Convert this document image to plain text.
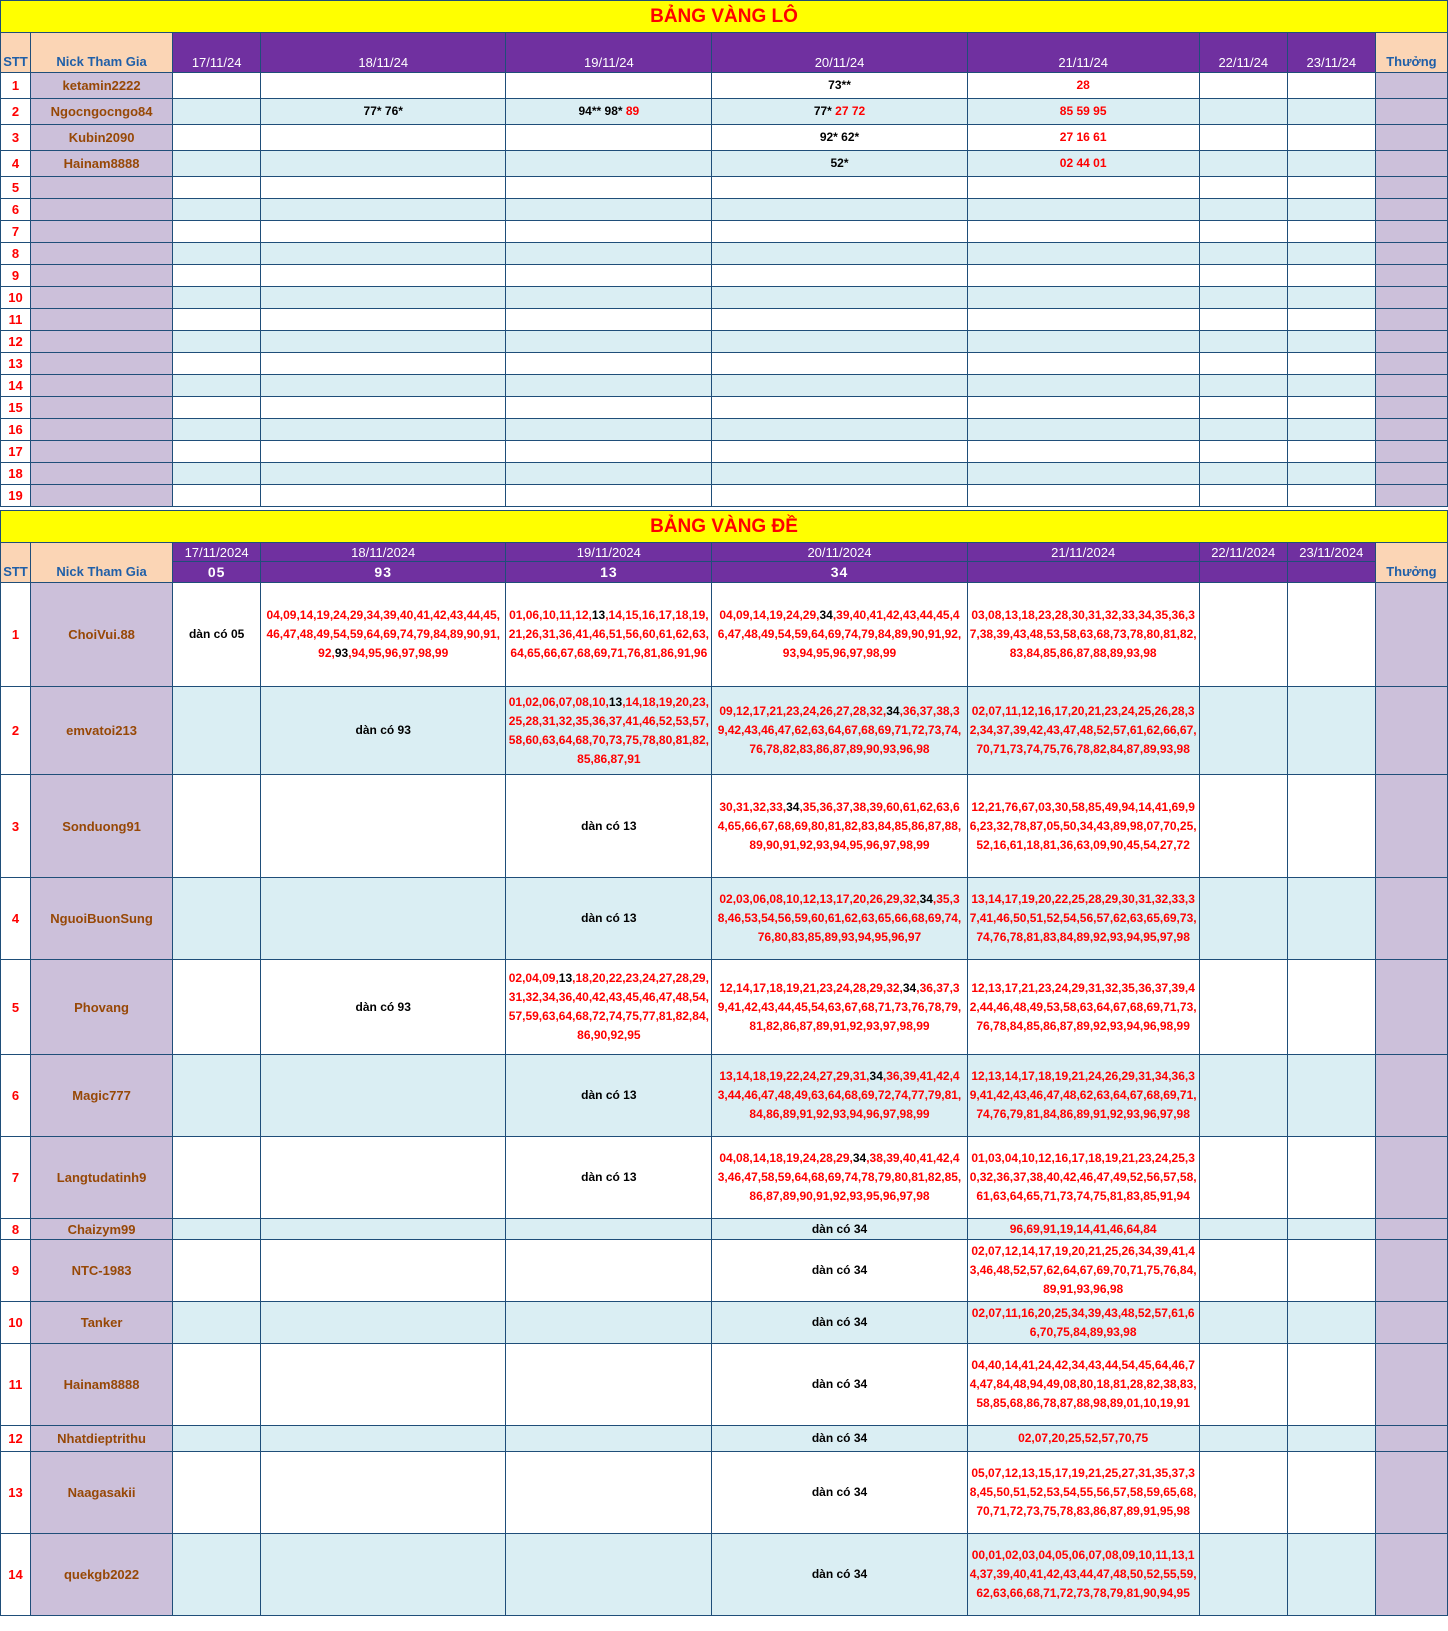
BẢNG VÀNG LÔ									
STT	Nick Tham Gia	17/11/24	18/11/24	19/11/24	20/11/24	21/11/24	22/11/24	23/11/24	Thưởng
1	ketamin2222				73**	28			
2	Ngocngocngo84		77* 76*	94** 98* 89	77* 27 72	85 59 95			
3	Kubin2090				92* 62*	27 16 61			
4	Hainam8888				52*	02 44 01			
5									
6									
7									
8									
9									
10									
11									
12									
13									
14									
15									
16									
17									
18									
19									
BẢNG VÀNG ĐỀ									
STT	Nick Tham Gia	17/11/2024	18/11/2024	19/11/2024	20/11/2024	21/11/2024	22/11/2024	23/11/2024	Thưởng
		05	93	13	34				
1	ChoiVui.88	dàn có 05	04,09,14,19,24,29,34,39,40,41,42,43,44,45,46,47,48,49,54,59,64,69,74,79,84,89,90,91,92,93,94,95,96,97,98,99	01,06,10,11,12,13,14,15,16,17,18,19,21,26,31,36,41,46,51,56,60,61,62,63,64,65,66,67,68,69,71,76,81,86,91,96	04,09,14,19,24,29,34,39,40,41,42,43,44,45,46,47,48,49,54,59,64,69,74,79,84,89,90,91,92,93,94,95,96,97,98,99	03,08,13,18,23,28,30,31,32,33,34,35,36,37,38,39,43,48,53,58,63,68,73,78,80,81,82,83,84,85,86,87,88,89,93,98			
2	emvatoi213		dàn có 93	01,02,06,07,08,10,13,14,18,19,20,23,25,28,31,32,35,36,37,41,46,52,53,57,58,60,63,64,68,70,73,75,78,80,81,82,85,86,87,91	09,12,17,21,23,24,26,27,28,32,34,36,37,38,39,42,43,46,47,62,63,64,67,68,69,71,72,73,74,76,78,82,83,86,87,89,90,93,96,98	02,07,11,12,16,17,20,21,23,24,25,26,28,32,34,37,39,42,43,47,48,52,57,61,62,66,67,70,71,73,74,75,76,78,82,84,87,89,93,98			
3	Sonduong91			dàn có 13	30,31,32,33,34,35,36,37,38,39,60,61,62,63,64,65,66,67,68,69,80,81,82,83,84,85,86,87,88,89,90,91,92,93,94,95,96,97,98,99	12,21,76,67,03,30,58,85,49,94,14,41,69,96,23,32,78,87,05,50,34,43,89,98,07,70,25,52,16,61,18,81,36,63,09,90,45,54,27,72			
4	NguoiBuonSung			dàn có 13	02,03,06,08,10,12,13,17,20,26,29,32,34,35,38,46,53,54,56,59,60,61,62,63,65,66,68,69,74,76,80,83,85,89,93,94,95,96,97	13,14,17,19,20,22,25,28,29,30,31,32,33,37,41,46,50,51,52,54,56,57,62,63,65,69,73,74,76,78,81,83,84,89,92,93,94,95,97,98			
5	Phovang		dàn có 93	02,04,09,13,18,20,22,23,24,27,28,29,31,32,34,36,40,42,43,45,46,47,48,54,57,59,63,64,68,72,74,75,77,81,82,84,86,90,92,95	12,14,17,18,19,21,23,24,28,29,32,34,36,37,39,41,42,43,44,45,54,63,67,68,71,73,76,78,79,81,82,86,87,89,91,92,93,97,98,99	12,13,17,21,23,24,29,31,32,35,36,37,39,42,44,46,48,49,53,58,63,64,67,68,69,71,73,76,78,84,85,86,87,89,92,93,94,96,98,99			
6	Magic777			dàn có 13	13,14,18,19,22,24,27,29,31,34,36,39,41,42,43,44,46,47,48,49,63,64,68,69,72,74,77,79,81,84,86,89,91,92,93,94,96,97,98,99	12,13,14,17,18,19,21,24,26,29,31,34,36,39,41,42,43,46,47,48,62,63,64,67,68,69,71,74,76,79,81,84,86,89,91,92,93,96,97,98			
7	Langtudatinh9			dàn có 13	04,08,14,18,19,24,28,29,34,38,39,40,41,42,43,46,47,58,59,64,68,69,74,78,79,80,81,82,85,86,87,89,90,91,92,93,95,96,97,98	01,03,04,10,12,16,17,18,19,21,23,24,25,30,32,36,37,38,40,42,46,47,49,52,56,57,58,61,63,64,65,71,73,74,75,81,83,85,91,94			
8	Chaizym99				dàn có 34	96,69,91,19,14,41,46,64,84			
9	NTC-1983				dàn có 34	02,07,12,14,17,19,20,21,25,26,34,39,41,43,46,48,52,57,62,64,67,69,70,71,75,76,84,89,91,93,96,98			
10	Tanker				dàn có 34	02,07,11,16,20,25,34,39,43,48,52,57,61,66,70,75,84,89,93,98			
11	Hainam8888				dàn có 34	04,40,14,41,24,42,34,43,44,54,45,64,46,74,47,84,48,94,49,08,80,18,81,28,82,38,83,58,85,68,86,78,87,88,98,89,01,10,19,91			
12	Nhatdieptrithu				dàn có 34	02,07,20,25,52,57,70,75			
13	Naagasakii				dàn có 34	05,07,12,13,15,17,19,21,25,27,31,35,37,38,45,50,51,52,53,54,55,56,57,58,59,65,68,70,71,72,73,75,78,83,86,87,89,91,95,98			
14	quekgb2022				dàn có 34	00,01,02,03,04,05,06,07,08,09,10,11,13,14,37,39,40,41,42,43,44,47,48,50,52,55,59,62,63,66,68,71,72,73,78,79,81,90,94,95			
